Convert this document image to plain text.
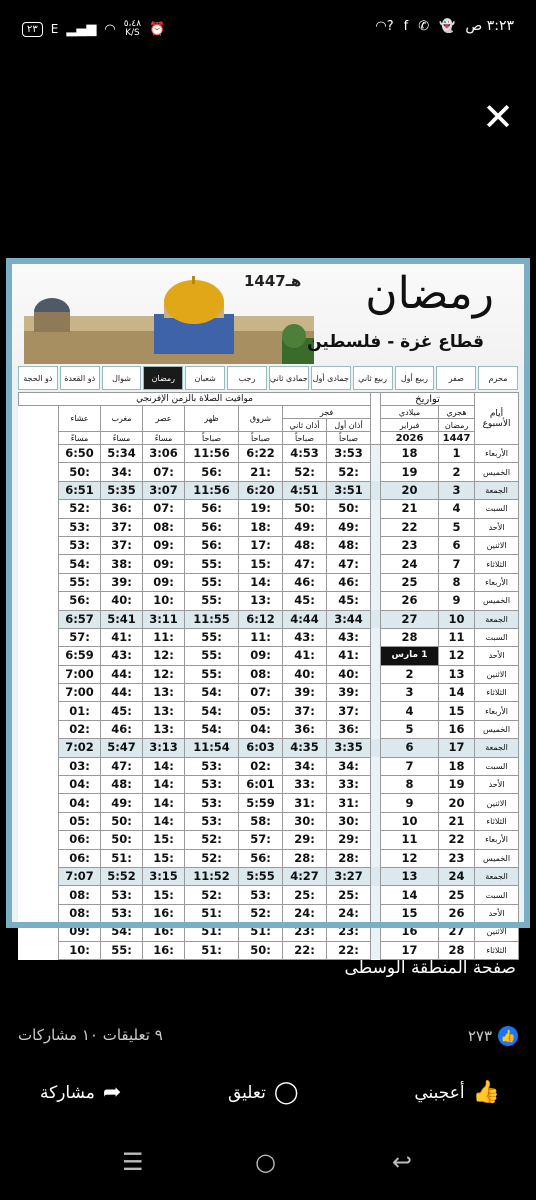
٢٣	E ▂▄▆ ◠ ٥،٤٨
K/S ⏰	◠? f ✆ 👻 ٣:٢٣ ص
✕
1447هـ رمضان
قطاع غزة - فلسطين
محرم
صفر
ربيع أول
ربيع ثاني
جمادى أول
جمادى ثاني
رجب
شعبان
رمضان
شوال
ذو القعدة
ذو الحجة
أيام الأسبوع	تواريخ			مواقيت الصلاة بالزمن الإفرنجي						
	هجري	ميلادي		فجر		شروق	ظهر	عصر	مغرب	عشاء
	رمضان	فبراير		أذان أول	أذان ثاني					
	1447	2026		صباحاً	صباحاً	صباحاً	صباحاً	مساءً	مساءً	مساءً
الأربعاء	1	18		3:53	4:53	6:22	11:56	3:06	5:34	6:50
الخميس	2	19		:52	:52	:21	:56	:07	:34	:50
الجمعة	3	20		3:51	4:51	6:20	11:56	3:07	5:35	6:51
السبت	4	21		:50	:50	:19	:56	:07	:36	:52
الأحد	5	22		:49	:49	:18	:56	:08	:37	:53
الاثنين	6	23		:48	:48	:17	:56	:09	:37	:53
الثلاثاء	7	24		:47	:47	:15	:55	:09	:38	:54
الأربعاء	8	25		:46	:46	:14	:55	:09	:39	:55
الخميس	9	26		:45	:45	:13	:55	:10	:40	:56
الجمعة	10	27		3:44	4:44	6:12	11:55	3:11	5:41	6:57
السبت	11	28		:43	:43	:11	:55	:11	:41	:57
الأحد	12	1 مارس		:41	:41	:09	:55	:12	:43	6:59
الاثنين	13	2		:40	:40	:08	:55	:12	:44	7:00
الثلاثاء	14	3		:39	:39	:07	:54	:13	:44	7:00
الأربعاء	15	4		:37	:37	:05	:54	:13	:45	:01
الخميس	16	5		:36	:36	:04	:54	:13	:46	:02
الجمعة	17	6		3:35	4:35	6:03	11:54	3:13	5:47	7:02
السبت	18	7		:34	:34	:02	:53	:14	:47	:03
الأحد	19	8		:33	:33	6:01	:53	:14	:48	:04
الاثنين	20	9		:31	:31	5:59	:53	:14	:49	:04
الثلاثاء	21	10		:30	:30	:58	:53	:14	:50	:05
الأربعاء	22	11		:29	:29	:57	:52	:15	:50	:06
الخميس	23	12		:28	:28	:56	:52	:15	:51	:06
الجمعة	24	13		3:27	4:27	5:55	11:52	3:15	5:52	7:07
السبت	25	14		:25	:25	:53	:52	:15	:53	:08
الأحد	26	15		:24	:24	:52	:51	:16	:53	:08
الاثنين	27	16		:23	:23	:51	:51	:16	:54	:09
الثلاثاء	28	17		:22	:22	:50	:51	:16	:55	:10
صفحة المنطقة الوسطى
👍
٢٧٣
٩ تعليقات ١٠ مشاركات
👍
أعجبني
◯
تعليق
➦
مشاركة
☰	○	↩
